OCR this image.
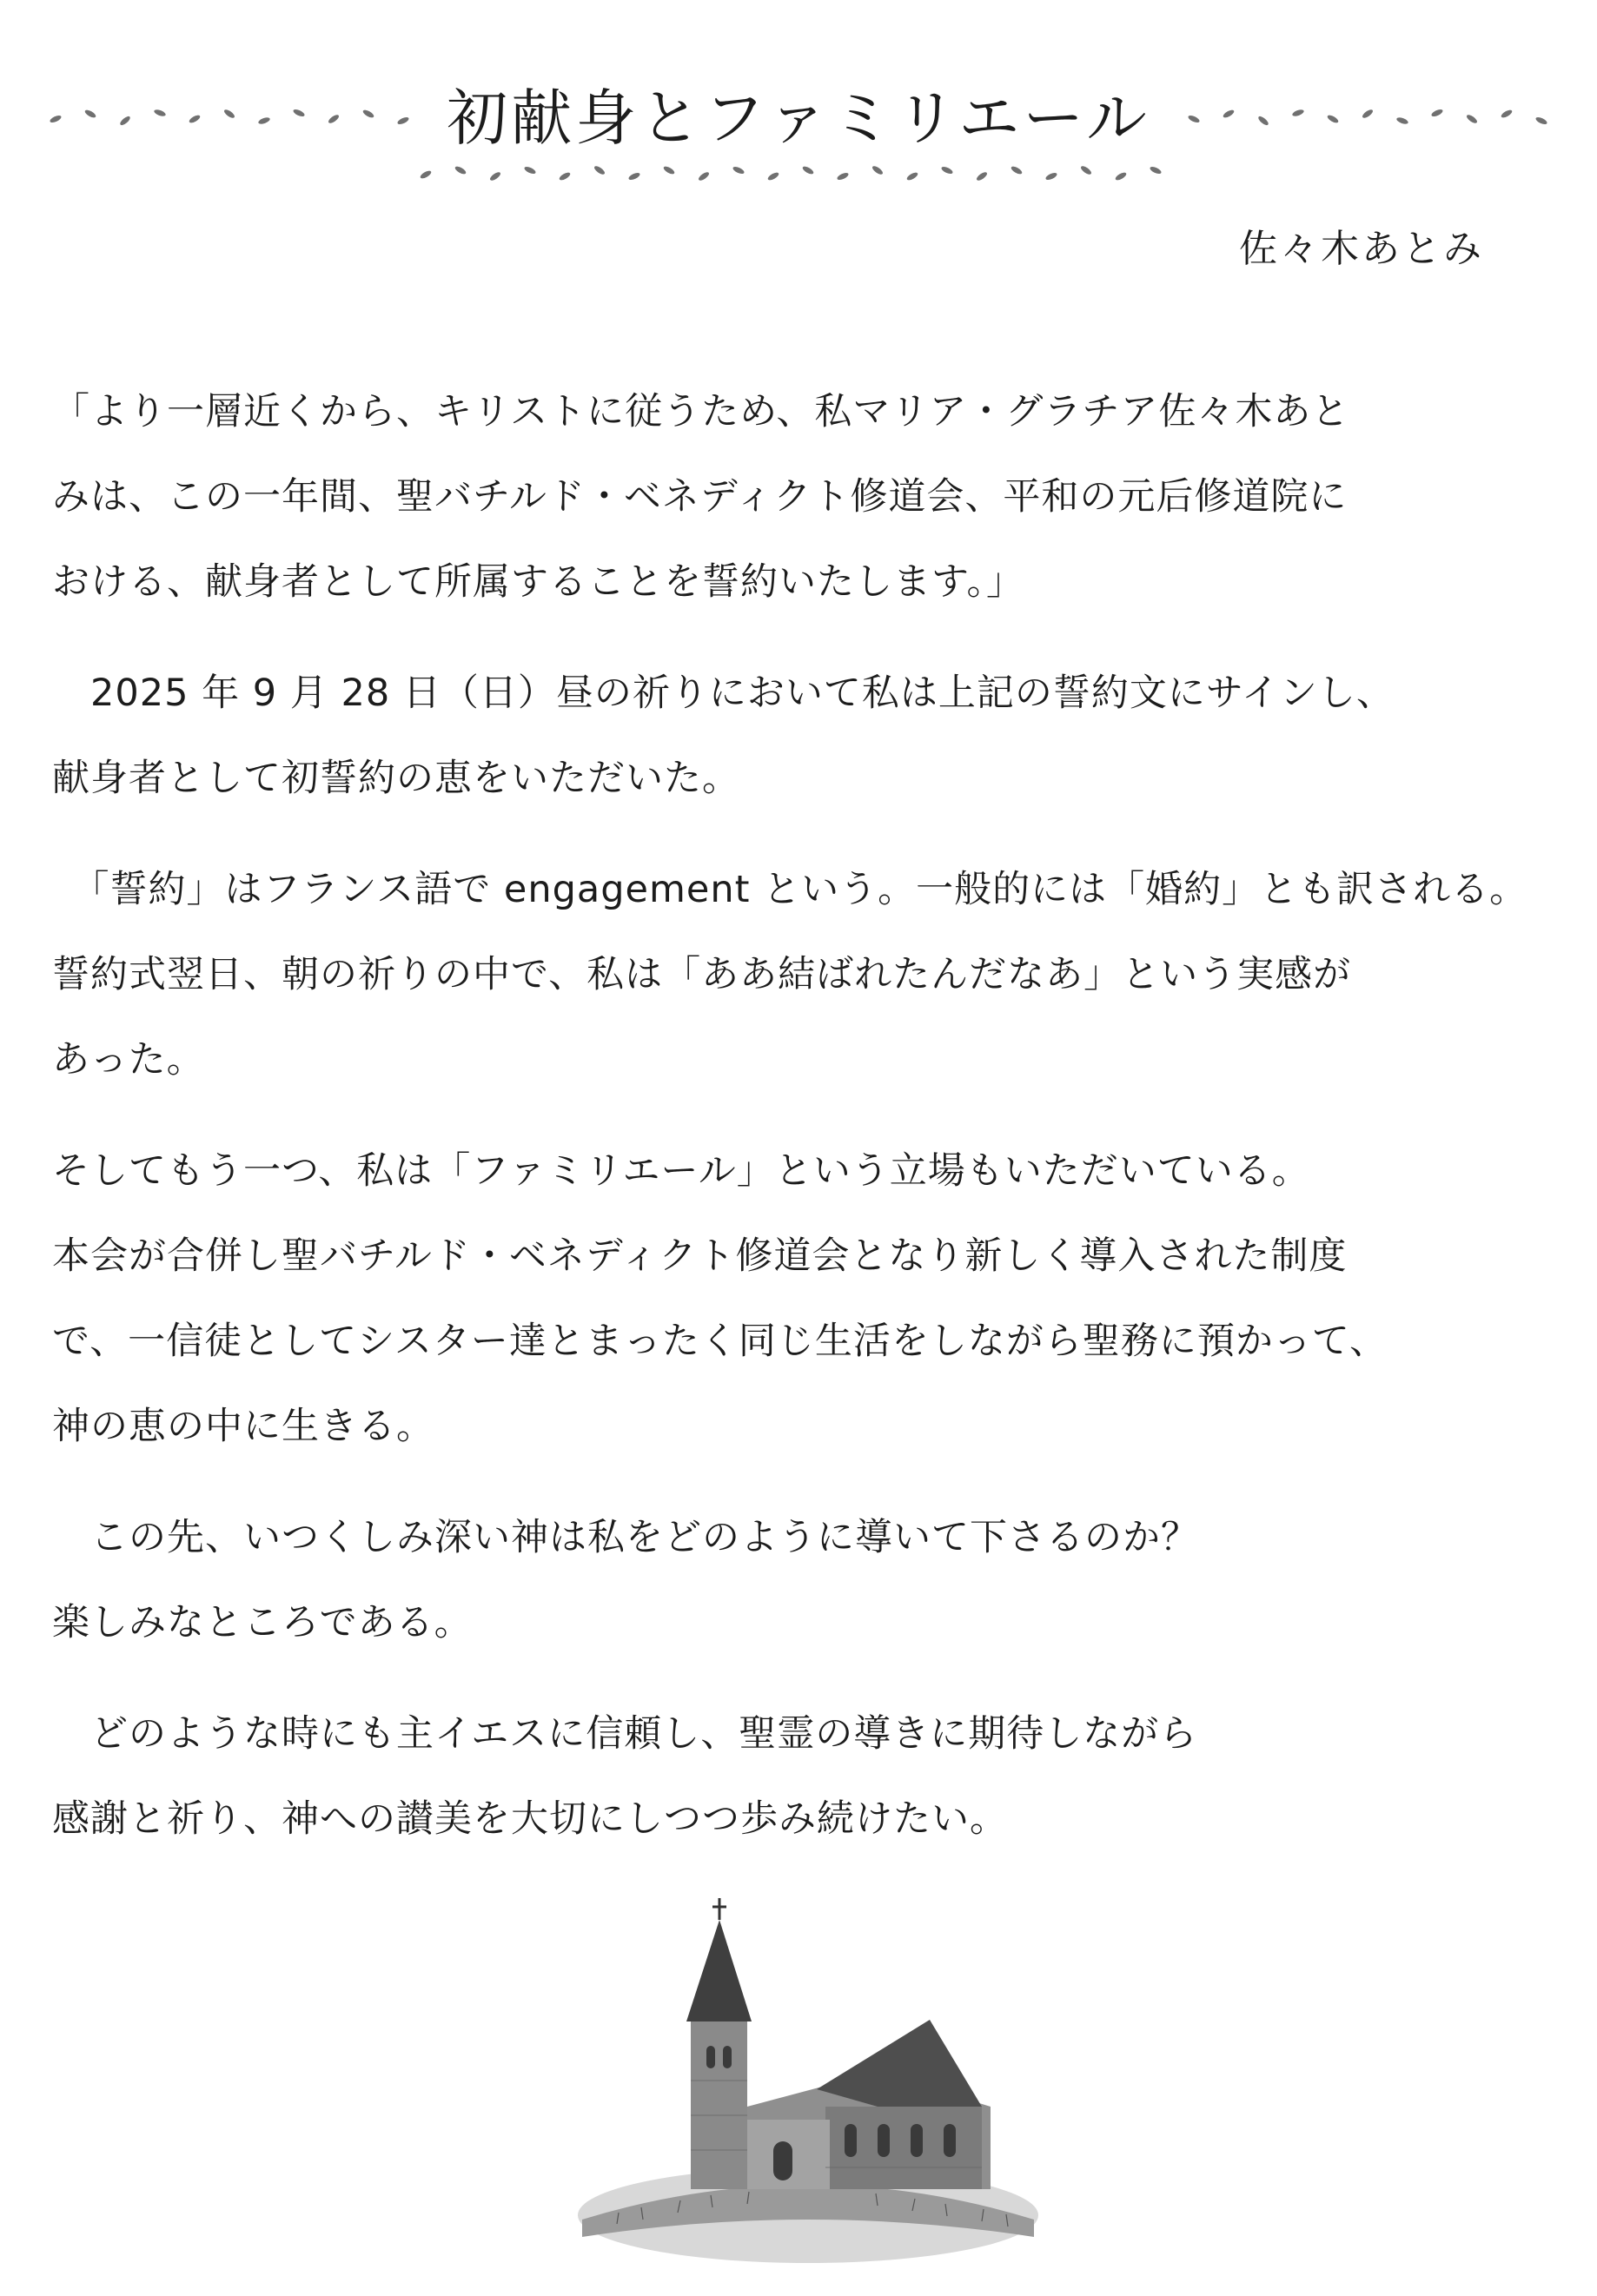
初献身とファミリエール
佐々木あとみ

「より一層近くから、キリストに従うため、私マリア・グラチア佐々木あと
みは、この一年間、聖バチルド・ベネディクト修道会、平和の元后修道院に
おける、献身者として所属することを誓約いたします。」

　2025 年 9 月 28 日（日）昼の祈りにおいて私は上記の誓約文にサインし、
献身者として初誓約の恵をいただいた。

　「誓約」はフランス語で engagement という。一般的には「婚約」とも訳される。
誓約式翌日、朝の祈りの中で、私は「ああ結ばれたんだなあ」という実感が
あった。

そしてもう一つ、私は「ファミリエール」という立場もいただいている。
本会が合併し聖バチルド・ベネディクト修道会となり新しく導入された制度
で、一信徒としてシスター達とまったく同じ生活をしながら聖務に預かって、
神の恵の中に生きる。

　この先、いつくしみ深い神は私をどのように導いて下さるのか？
楽しみなところである。

　どのような時にも主イエスに信頼し、聖霊の導きに期待しながら
感謝と祈り、神への讃美を大切にしつつ歩み続けたい。
